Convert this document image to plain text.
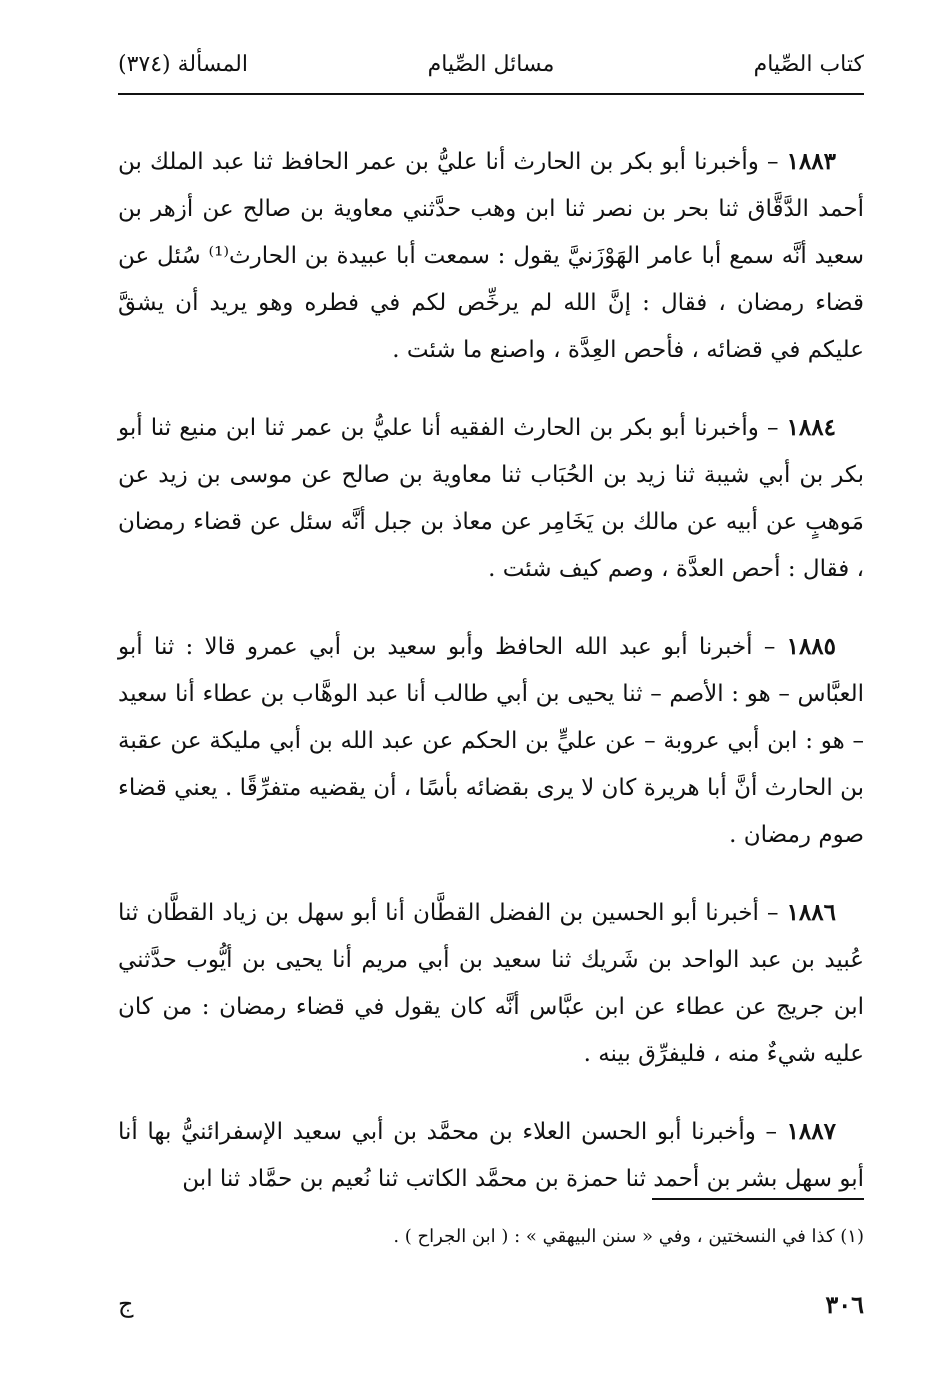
كتاب الصِّيام
مسائل الصِّيام
المسألة (٣٧٤)

١٨٨٣ – وأخبرنا أبو بكر بن الحارث أنا عليُّ بن عمر الحافظ ثنا عبد الملك بن أحمد الدَّقَّاق ثنا بحر بن نصر ثنا ابن وهب حدَّثني معاوية بن صالح عن أزهر بن سعيد أنَّه سمع أبا عامر الهَوْزَنيَّ يقول : سمعت أبا عبيدة بن الحارث⁽¹⁾ سُئل عن قضاء رمضان ، فقال : إنَّ الله لم يرخِّص لكم في فطره وهو يريد أن يشقَّ عليكم في قضائه ، فأحص العِدَّة ، واصنع ما شئت .

١٨٨٤ – وأخبرنا أبو بكر بن الحارث الفقيه أنا عليُّ بن عمر ثنا ابن منيع ثنا أبو بكر بن أبي شيبة ثنا زيد بن الحُبَاب ثنا معاوية بن صالح عن موسى بن زيد عن مَوهبٍ عن أبيه عن مالك بن يَخَامِر عن معاذ بن جبل أنَّه سئل عن قضاء رمضان ، فقال : أحص العدَّة ، وصم كيف شئت .

١٨٨٥ – أخبرنا أبو عبد الله الحافظ وأبو سعيد بن أبي عمرو قالا : ثنا أبو العبَّاس – هو : الأصم – ثنا يحيى بن أبي طالب أنا عبد الوهَّاب بن عطاء أنا سعيد – هو : ابن أبي عروبة – عن عليٍّ بن الحكم عن عبد الله بن أبي مليكة عن عقبة بن الحارث أنَّ أبا هريرة كان لا يرى بقضائه بأسًا ، أن يقضيه متفرِّقًا . يعني قضاء صوم رمضان .

١٨٨٦ – أخبرنا أبو الحسين بن الفضل القطَّان أنا أبو سهل بن زياد القطَّان ثنا عُبيد بن عبد الواحد بن شَريك ثنا سعيد بن أبي مريم أنا يحيى بن أيُّوب حدَّثني ابن جريج عن عطاء عن ابن عبَّاس أنَّه كان يقول في قضاء رمضان : من كان عليه شيءٌ منه ، فليفرِّق بينه .

١٨٨٧ – وأخبرنا أبو الحسن العلاء بن محمَّد بن أبي سعيد الإسفرائنيُّ بها أنا أبو سهل بشر بن أحمد ثنا حمزة بن محمَّد الكاتب ثنا نُعيم بن حمَّاد ثنا ابن

(١) كذا في النسختين ، وفي « سنن البيهقي » : ( ابن الجراح ) .
٣٠٦
ج
